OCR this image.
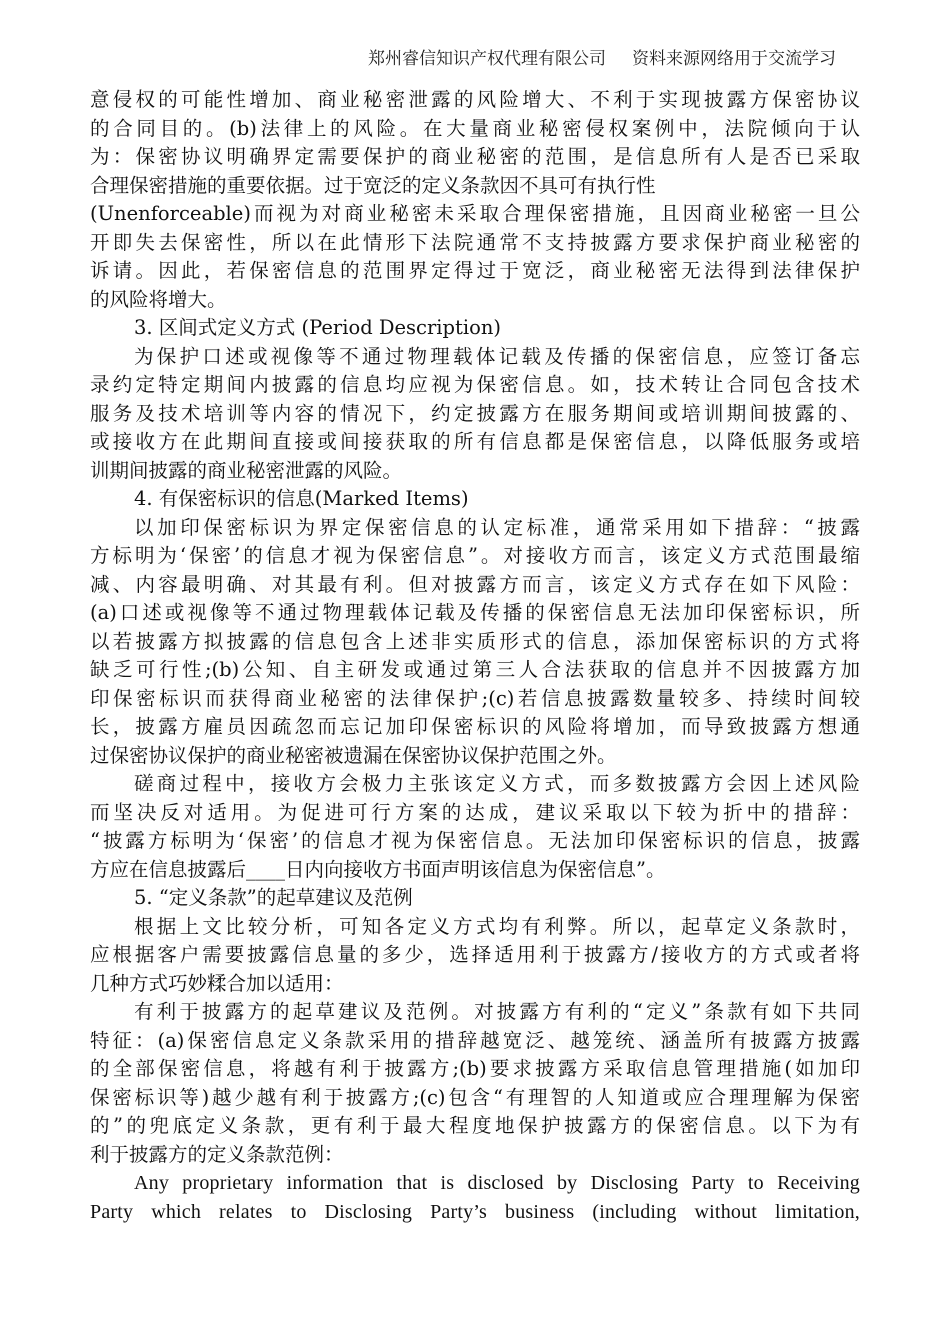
郑州睿信知识产权代理有限公司 资料来源网络用于交流学习
意侵权的可能性增加、商业秘密泄露的风险增大、不利于实现披露方保密协议
的合同目的。(b)法律上的风险。在大量商业秘密侵权案例中，法院倾向于认
为：保密协议明确界定需要保护的商业秘密的范围，是信息所有人是否已采取
合理保密措施的重要依据。过于宽泛的定义条款因不具可有执行性
(Unenforceable)而视为对商业秘密未采取合理保密措施，且因商业秘密一旦公
开即失去保密性，所以在此情形下法院通常不支持披露方要求保护商业秘密的
诉请。因此，若保密信息的范围界定得过于宽泛，商业秘密无法得到法律保护
的风险将增大。
3. 区间式定义方式 (Period Description)
为保护口述或视像等不通过物理载体记载及传播的保密信息，应签订备忘
录约定特定期间内披露的信息均应视为保密信息。如，技术转让合同包含技术
服务及技术培训等内容的情况下，约定披露方在服务期间或培训期间披露的、
或接收方在此期间直接或间接获取的所有信息都是保密信息，以降低服务或培
训期间披露的商业秘密泄露的风险。
4. 有保密标识的信息(Marked Items)
以加印保密标识为界定保密信息的认定标准，通常采用如下措辞：“披露
方标明为‘保密’的信息才视为保密信息”。对接收方而言，该定义方式范围最缩
减、内容最明确、对其最有利。但对披露方而言，该定义方式存在如下风险：
(a)口述或视像等不通过物理载体记载及传播的保密信息无法加印保密标识，所
以若披露方拟披露的信息包含上述非实质形式的信息，添加保密标识的方式将
缺乏可行性;(b)公知、自主研发或通过第三人合法获取的信息并不因披露方加
印保密标识而获得商业秘密的法律保护;(c)若信息披露数量较多、持续时间较
长，披露方雇员因疏忽而忘记加印保密标识的风险将增加，而导致披露方想通
过保密协议保护的商业秘密被遗漏在保密协议保护范围之外。
磋商过程中，接收方会极力主张该定义方式，而多数披露方会因上述风险
而坚决反对适用。为促进可行方案的达成，建议采取以下较为折中的措辞：
“披露方标明为‘保密’的信息才视为保密信息。无法加印保密标识的信息，披露
方应在信息披露后____日内向接收方书面声明该信息为保密信息”。
5. “定义条款”的起草建议及范例
根据上文比较分析，可知各定义方式均有利弊。所以，起草定义条款时，
应根据客户需要披露信息量的多少，选择适用利于披露方/接收方的方式或者将
几种方式巧妙糅合加以适用：
有利于披露方的起草建议及范例。对披露方有利的“定义”条款有如下共同
特征：(a)保密信息定义条款采用的措辞越宽泛、越笼统、涵盖所有披露方披露
的全部保密信息，将越有利于披露方;(b)要求披露方采取信息管理措施(如加印
保密标识等)越少越有利于披露方;(c)包含“有理智的人知道或应合理理解为保密
的”的兜底定义条款，更有利于最大程度地保护披露方的保密信息。以下为有
利于披露方的定义条款范例：
Any proprietary information that is disclosed by Disclosing Party to Receiving
Party which relates to Disclosing Party’s business (including without limitation,
